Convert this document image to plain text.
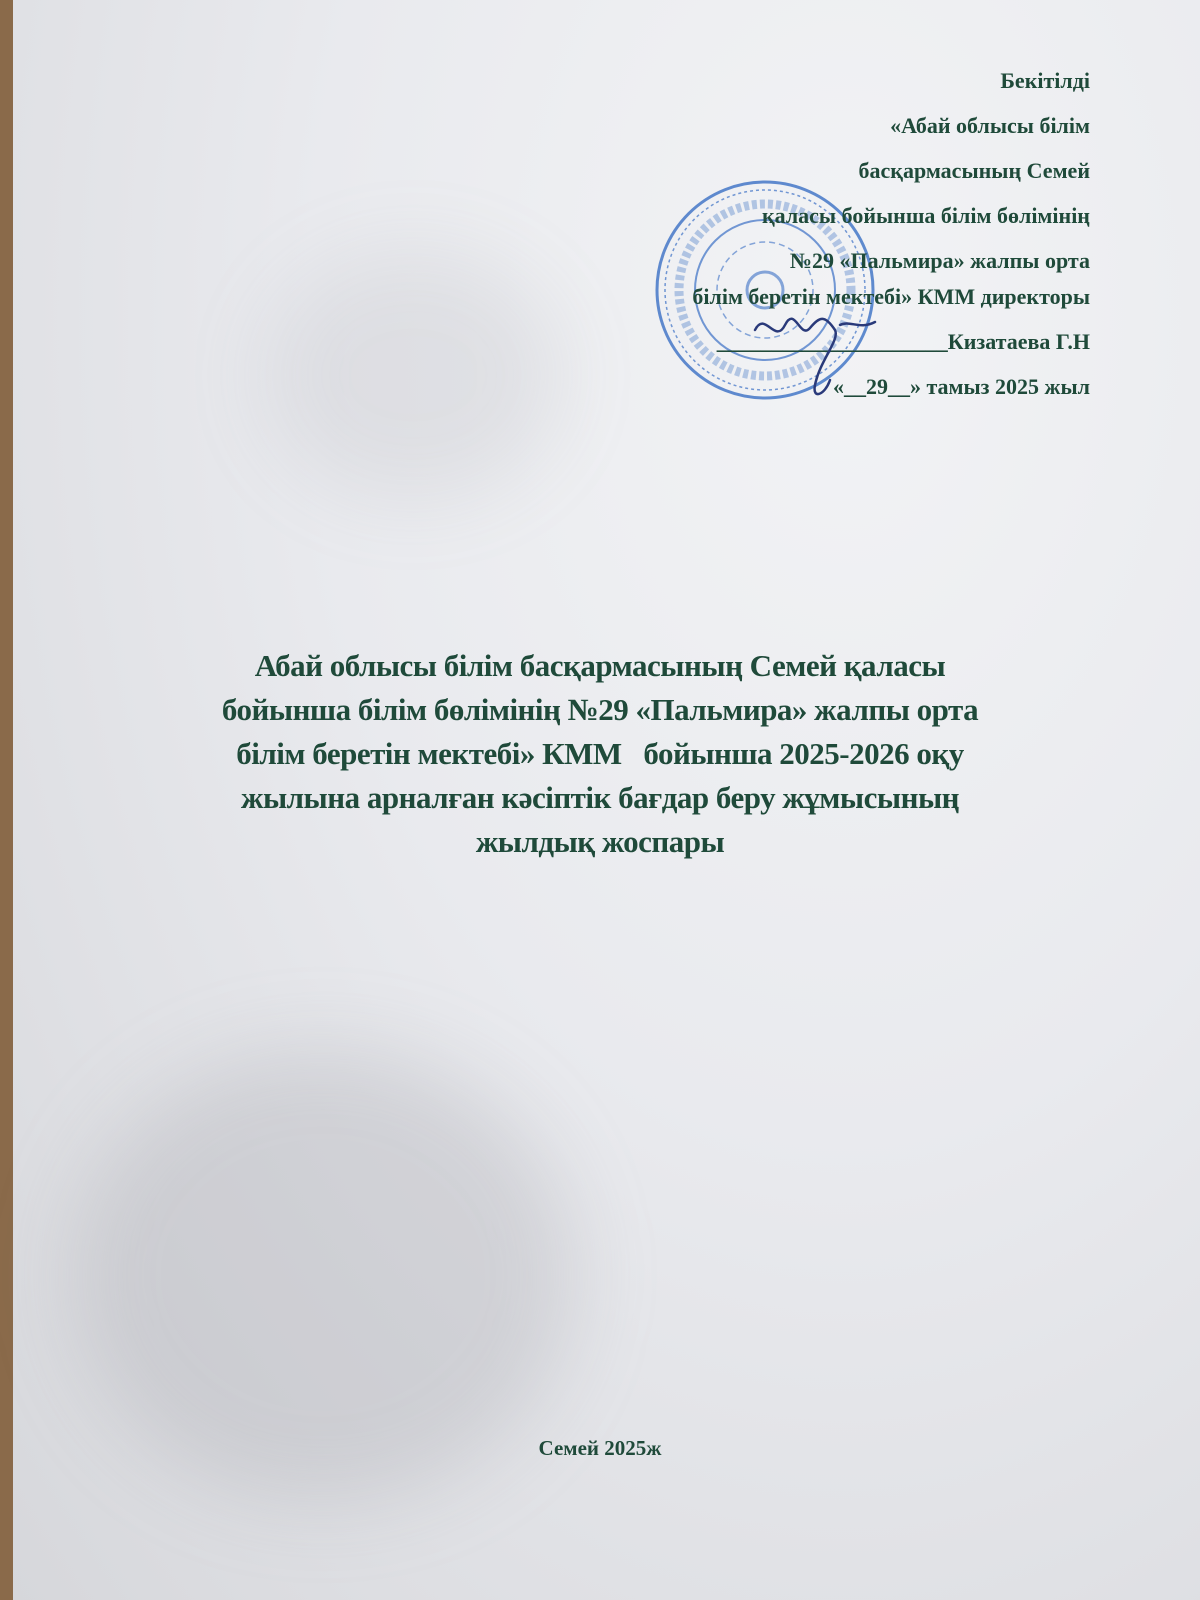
Бекітілді
«Абай облысы білім
басқармасының Семей
қаласы бойынша білім бөлімінің
№29 «Пальмира» жалпы орта
білім беретін мектебі» КММ директоры
_____________________Кизатаева Г.Н
«__29__» тамыз 2025 жыл
Абай облысы білім басқармасының Семей қаласы
бойынша білім бөлімінің №29 «Пальмира» жалпы орта
білім беретін мектебі» КММ   бойынша 2025-2026 оқу
жылына арналған кәсіптік бағдар беру жұмысының
жылдық жоспары
Семей 2025ж
